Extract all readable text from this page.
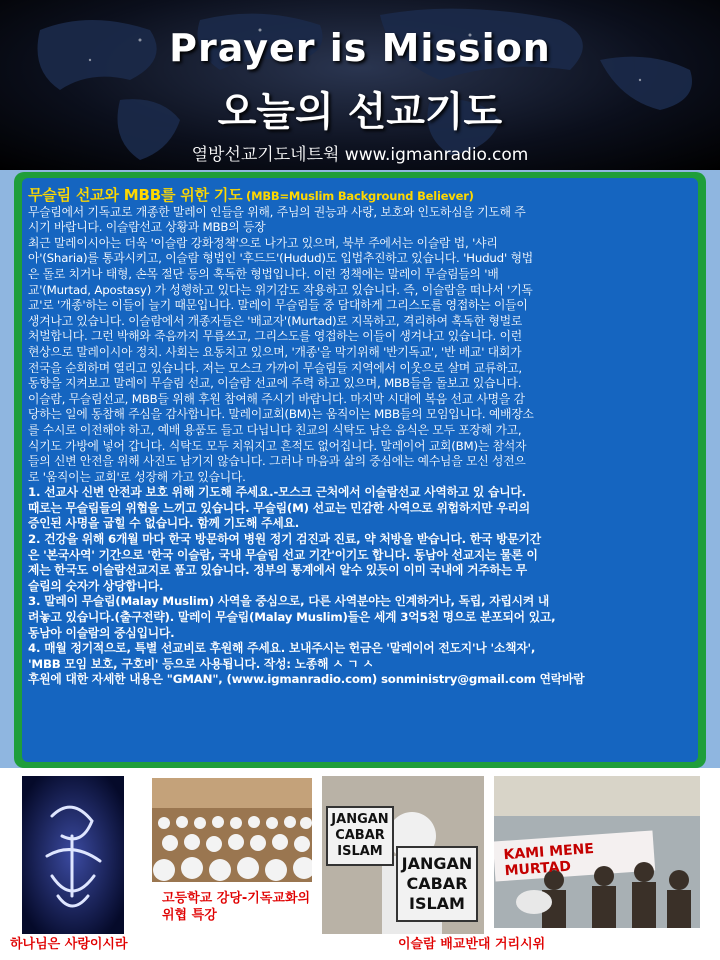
Prayer is Mission
오늘의 선교기도
열방선교기도네트웍 www.igmanradio.com
무슬림 선교와 MBB를 위한 기도 (MBB=Muslim Background Believer)
무슬림에서 기독교로 개종한 말레이 인들을 위해, 주님의 권능과 사랑, 보호와 인도하심을 기도해 주
시기 바랍니다. 이슬람선교 상황과 MBB의 등장
최근 말레이시아는 더욱 '이슬람 강화정책'으로 나가고 있으며, 북부 주에서는 이슬람 법, '샤리
아'(Sharia)를 통과시키고, 이슬람 형법인 '후드드'(Hudud)도 입법추진하고 있습니다. 'Hudud' 형법
은 돌로 치거나 태형, 손목 절단 등의 혹독한 형법입니다. 이런 정책에는 말레이 무슬림들의 '배
교'(Murtad, Apostasy) 가 성행하고 있다는 위기감도 작용하고 있습니다. 즉, 이슬람을 떠나서 '기독
교'로 '개종'하는 이들이 늘기 때문입니다. 말레이 무슬림들 중 담대하게 그리스도를 영접하는 이들이
생겨나고 있습니다. 이슬람에서 개종자들은 '배교자'(Murtad)로 지목하고, 격리하여 혹독한 형벌로
처벌합니다. 그런 박해와 죽음까지 무릅쓰고, 그리스도를 영접하는 이들이 생겨나고 있습니다. 이런
현상으로 말레이시아 정치. 사회는 요동치고 있으며, '개종'을 막기위해 '반기독교', '반 배교' 대회가
전국을 순회하며 열리고 있습니다. 저는 모스크 가까이 무슬림들 지역에서 이웃으로 살며 교류하고,
동향을 지켜보고 말레이 무슬림 선교, 이슬람 선교에 주력 하고 있으며, MBB들을 돌보고 있습니다.
이슬람, 무슬림선교, MBB들 위해 후원 참여해 주시기 바랍니다. 마지막 시대에 복음 선교 사명을 감
당하는 일에 동참해 주심을 감사합니다. 말레이교회(BM)는 움직이는 MBB들의 모임입니다. 예배장소
를 수시로 이전해야 하고, 예배 용품도 들고 다닙니다 친교의 식탁도 남은 음식은 모두 포장해 가고,
식기도 가방에 넣어 갑니다. 식탁도 모두 치워지고 흔적도 없어집니다. 말레이어 교회(BM)는 참석자
들의 신변 안전을 위해 사진도 남기지 않습니다. 그러나 마음과 삶의 중심에는 예수님을 모신 성전으
로 '움직이는 교회'로 성장해 가고 있습니다.
1. 선교사 신변 안전과 보호 위해 기도해 주세요.-모스크 근처에서 이슬람선교 사역하고 있 습니다.
때로는 무슬림들의 위협을 느끼고 있습니다. 무슬림(M) 선교는 민감한 사역으로 위험하지만 우리의
증인된 사명을 굽힐 수 없습니다. 함께 기도해 주세요.
2. 건강을 위해 6개월 마다 한국 방문하여 병원 정기 검진과 진료, 약 처방을 받습니다. 한국 방문기간
은 '본국사역' 기간으로 '한국 이슬람, 국내 무슬림 선교 기간'이기도 합니다. 동남아 선교지는 물론 이
제는 한국도 이슬람선교지로 품고 있습니다. 정부의 통계에서 알수 있듯이 이미 국내에 거주하는 무
슬림의 숫자가 상당합니다.
3. 말레이 무슬림(Malay Muslim) 사역을 중심으로, 다른 사역분야는 인계하거나, 독립, 자립시켜 내
려놓고 있습니다.(출구전략). 말레이 무슬림(Malay Muslim)들은 세계 3억5천 명으로 분포되어 있고,
동남아 이슬람의 중심입니다.
4. 매월 정기적으로, 특별 선교비로 후원해 주세요. 보내주시는 헌금은 '말레이어 전도지'나 '소책자',
'MBB 모임 보호, 구호비' 등으로 사용됩니다. 작성: 노종해 ㅅ ㄱ ㅅ
후원에 대한 자세한 내용은 "GMAN", (www.igmanradio.com) sonministry@gmail.com 연락바람
JANGAN CABAR ISLAM
JANGAN CABAR ISLAM
KAMI MENE MURTAD
하나님은 사랑이시라
고등학교 강당-기독교화의 위협 특강
이슬람 배교반대 거리시위
